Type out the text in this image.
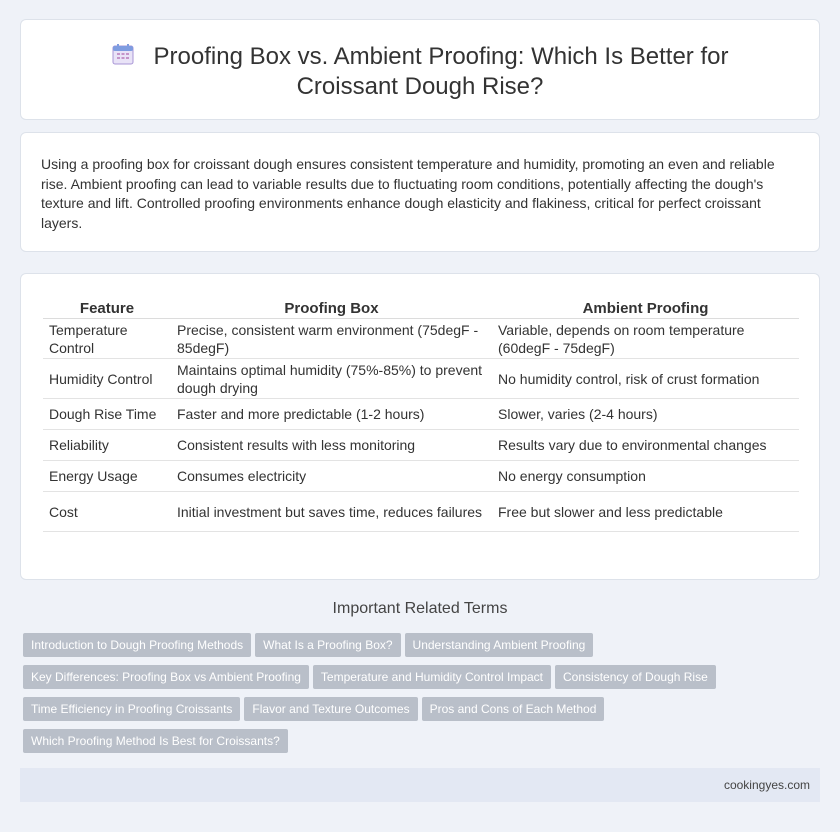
Proofing Box vs. Ambient Proofing: Which Is Better for Croissant Dough Rise?

Using a proofing box for croissant dough ensures consistent temperature and humidity, promoting an even and reliable rise. Ambient proofing can lead to variable results due to fluctuating room conditions, potentially affecting the dough's texture and lift. Controlled proofing environments enhance dough elasticity and flakiness, critical for perfect croissant layers.

Feature	Proofing Box	Ambient Proofing
Temperature Control	Precise, consistent warm environment (75degF - 85degF)	Variable, depends on room temperature (60degF - 75degF)
Humidity Control	Maintains optimal humidity (75%-85%) to prevent dough drying	No humidity control, risk of crust formation
Dough Rise Time	Faster and more predictable (1-2 hours)	Slower, varies (2-4 hours)
Reliability	Consistent results with less monitoring	Results vary due to environmental changes
Energy Usage	Consumes electricity	No energy consumption
Cost	Initial investment but saves time, reduces failures	Free but slower and less predictable
Important Related Terms
Introduction to Dough Proofing Methods What Is a Proofing Box? Understanding Ambient Proofing
Key Differences: Proofing Box vs Ambient Proofing Temperature and Humidity Control Impact Consistency of Dough Rise
Time Efficiency in Proofing Croissants Flavor and Texture Outcomes Pros and Cons of Each Method
Which Proofing Method Is Best for Croissants?
cookingyes.com
